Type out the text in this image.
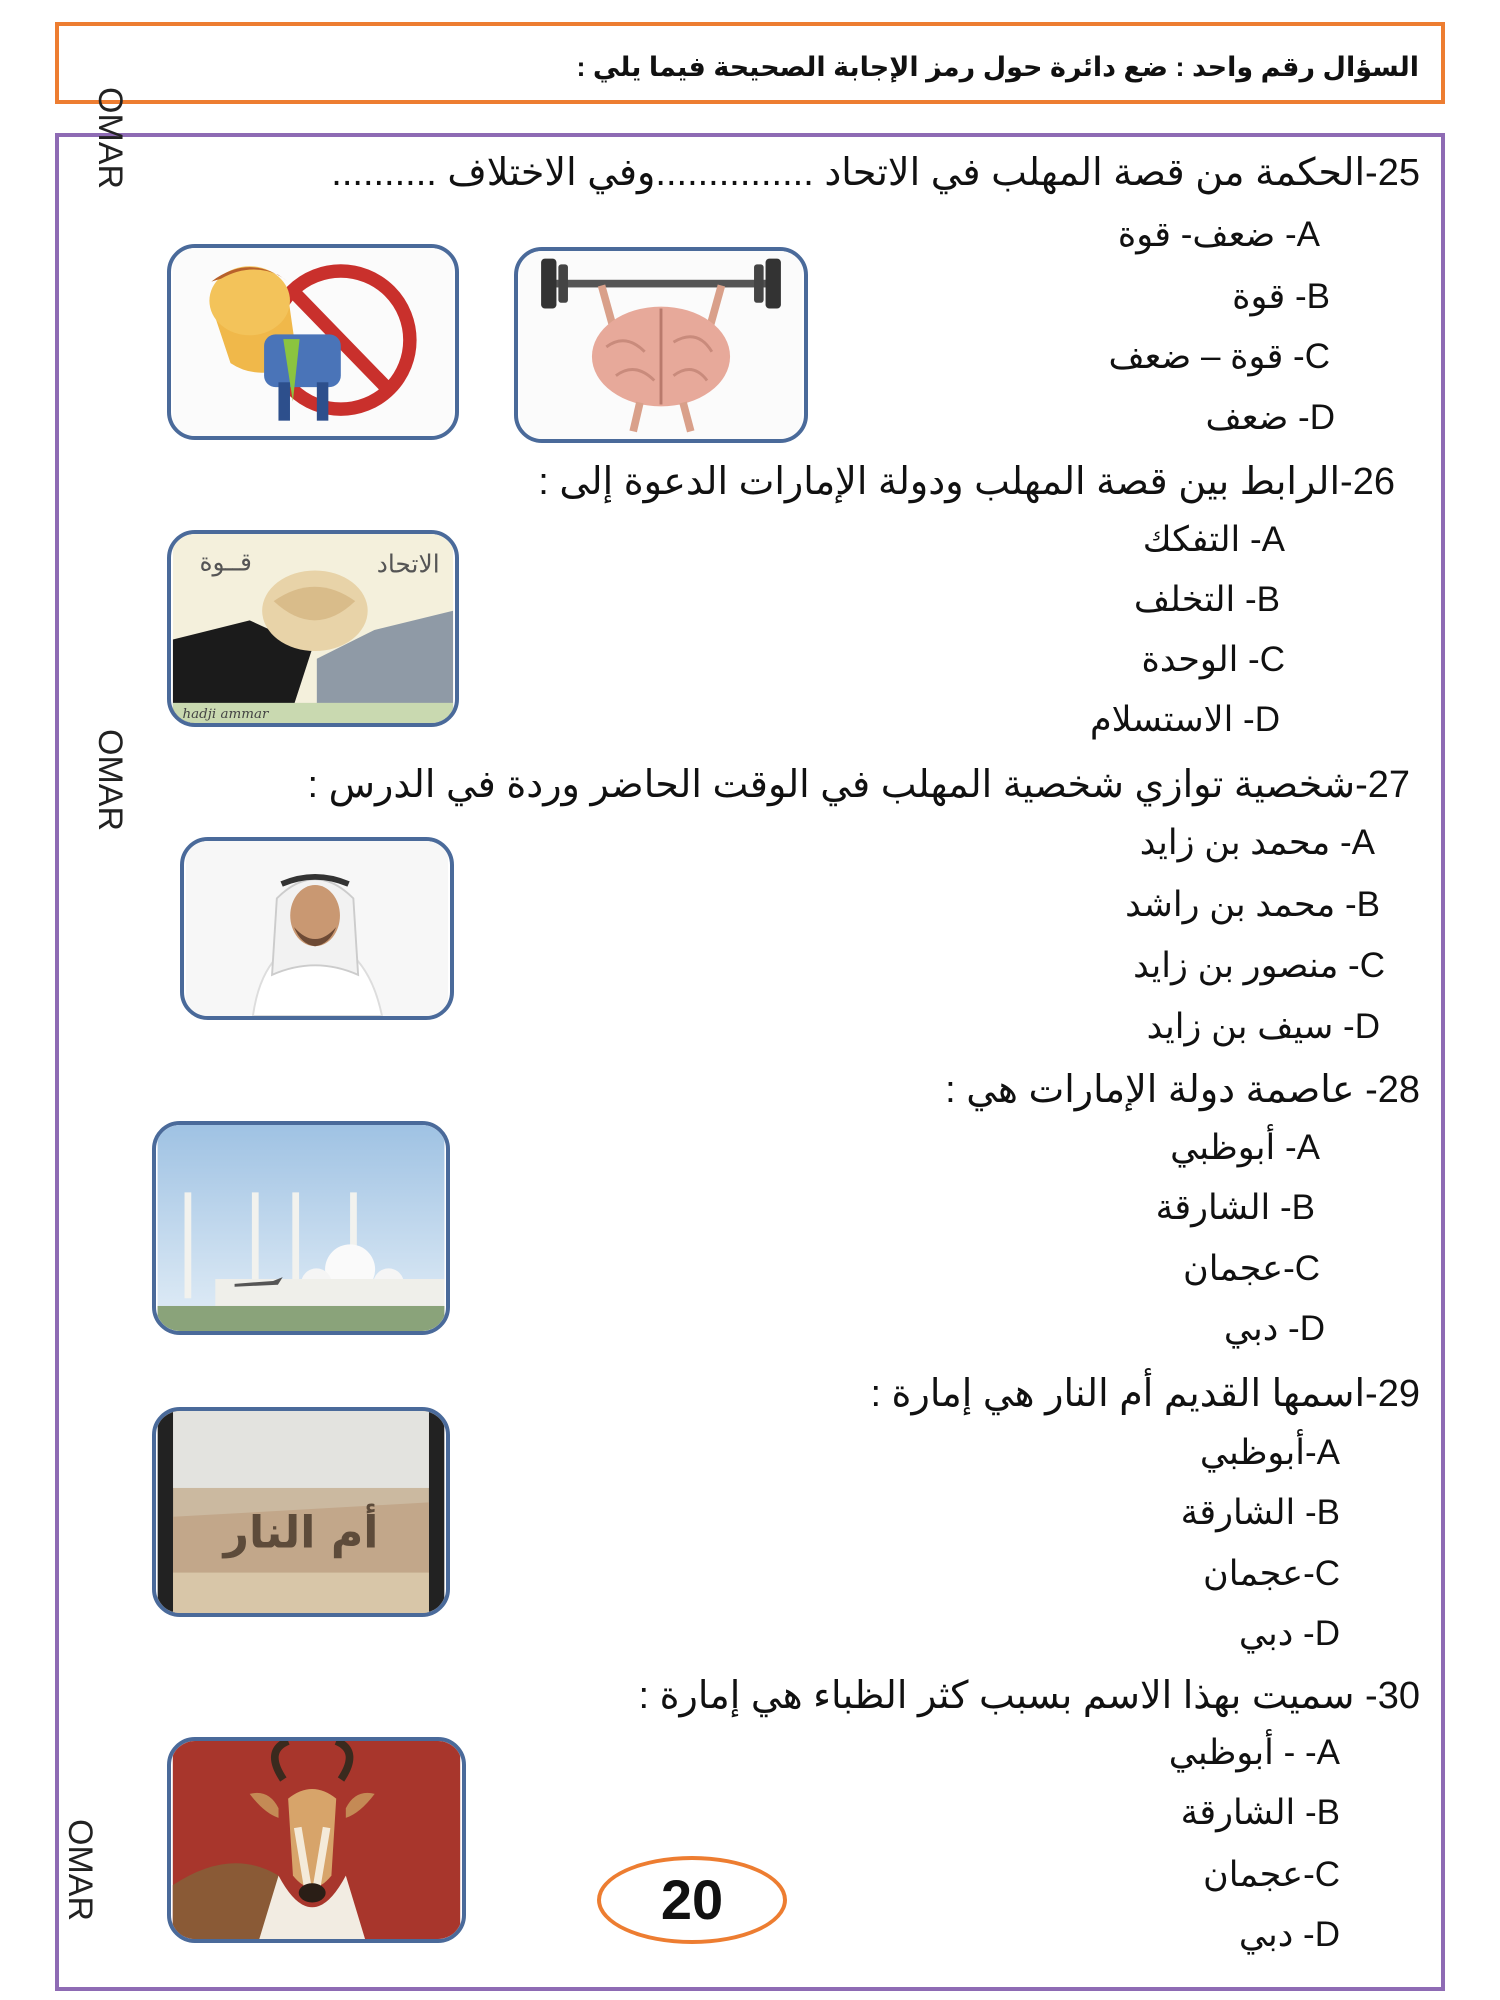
السؤال رقم واحد : ضع دائرة حول رمز الإجابة الصحيحة فيما يلي :
OMAR
OMAR
OMAR
25-الحكمة من قصة المهلب في الاتحاد ...............وفي الاختلاف ..........
A- ضعف- قوة
B- قوة
C- قوة – ضعف
D- ضعف
26-الرابط بين قصة المهلب ودولة الإمارات الدعوة إلى :
A- التفكك
B- التخلف
C- الوحدة
D- الاستسلام
الاتحاد
قــوة
hadji ammar
27-شخصية توازي شخصية المهلب في الوقت الحاضر وردة في الدرس :
A- محمد بن زايد
B- محمد بن راشد
C- منصور بن زايد
D- سيف بن زايد
28- عاصمة دولة الإمارات هي :
A- أبوظبي
B- الشارقة
C-عجمان
D- دبي
29-اسمها القديم أم النار هي إمارة :
A-أبوظبي
B- الشارقة
C-عجمان
D- دبي
أم النار
30- سميت بهذا الاسم بسبب كثر الظباء هي إمارة :
A- - أبوظبي
B- الشارقة
C-عجمان
D- دبي
20
